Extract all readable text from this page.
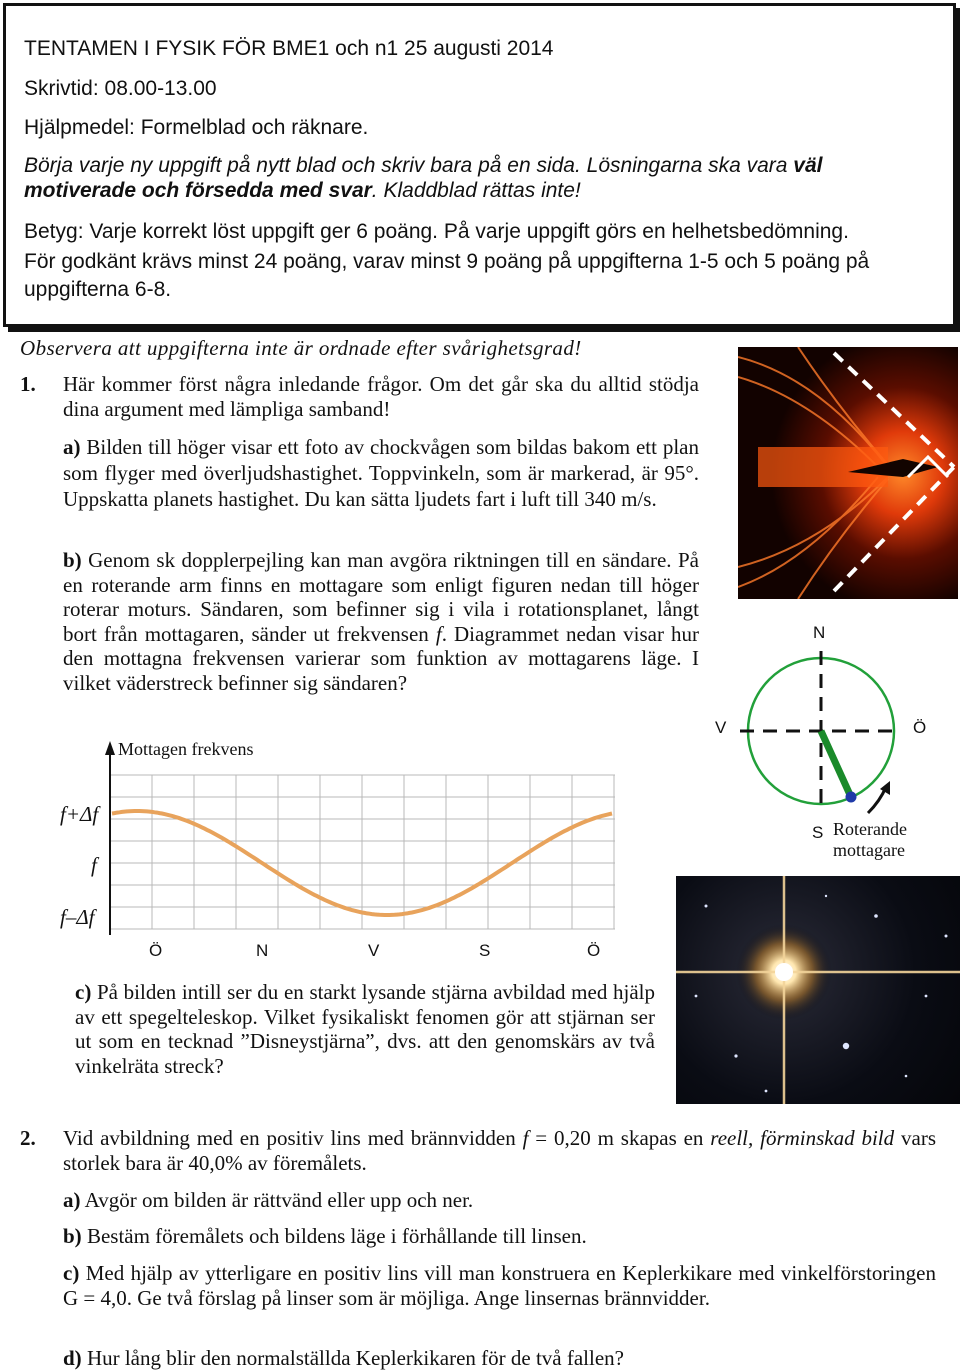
TENTAMEN I FYSIK FÖR BME1 och n1 25 augusti 2014
Skrivtid: 08.00-13.00
Hjälpmedel: Formelblad och räknare.
Börja varje ny uppgift på nytt blad och skriv bara på en sida. Lösningarna ska vara väl
motiverade och försedda med svar. Kladdblad rättas inte!
Betyg: Varje korrekt löst uppgift ger 6 poäng. På varje uppgift görs en helhetsbedömning.
För godkänt krävs minst 24 poäng, varav minst 9 poäng på uppgifterna 1-5 och 5 poäng på
uppgifterna 6-8.
Observera att uppgifterna inte är ordnade efter svårighetsgrad!
1. Här kommer först några inledande frågor. Om det går ska du alltid stödja dina argument med lämpliga samband!
a) Bilden till höger visar ett foto av chockvågen som bildas bakom ett plan som flyger med överljudshastighet. Toppvinkeln, som är markerad, är 95°. Uppskatta planets hastighet. Du kan sätta ljudets fart i luft till 340 m/s.
b) Genom sk dopplerpejling kan man avgöra riktningen till en sändare. På en roterande arm finns en mottagare som enligt figuren nedan till höger roterar moturs. Sändaren, som befinner sig i vila i rotationsplanet, långt bort från mottagaren, sänder ut frekvensen f. Diagrammet nedan visar hur den mottagna frekvensen varierar som funktion av mottagarens läge. I vilket väderstreck befinner sig sändaren?
N
S
V	Ö
Roterande
mottagare
Mottagen frekvens
f+Δf
f
f–Δf
Ö	N	V	S	Ö
c) På bilden intill ser du en starkt lysande stjärna avbildad med hjälp av ett spegelteleskop. Vilket fysikaliskt fenomen gör att stjärnan ser ut som en tecknad ”Disneystjärna”, dvs. att den genomskärs av två vinkelräta streck?
2. Vid avbildning med en positiv lins med brännvidden f = 0,20 m skapas en reell, förminskad bild vars storlek bara är 40,0% av föremålets.
a) Avgör om bilden är rättvänd eller upp och ner.
b) Bestäm föremålets och bildens läge i förhållande till linsen.
c) Med hjälp av ytterligare en positiv lins vill man konstruera en Keplerkikare med vinkelförstoringen G = 4,0. Ge två förslag på linser som är möjliga. Ange linsernas brännvidder.
d) Hur lång blir den normalställda Keplerkikaren för de två fallen?
